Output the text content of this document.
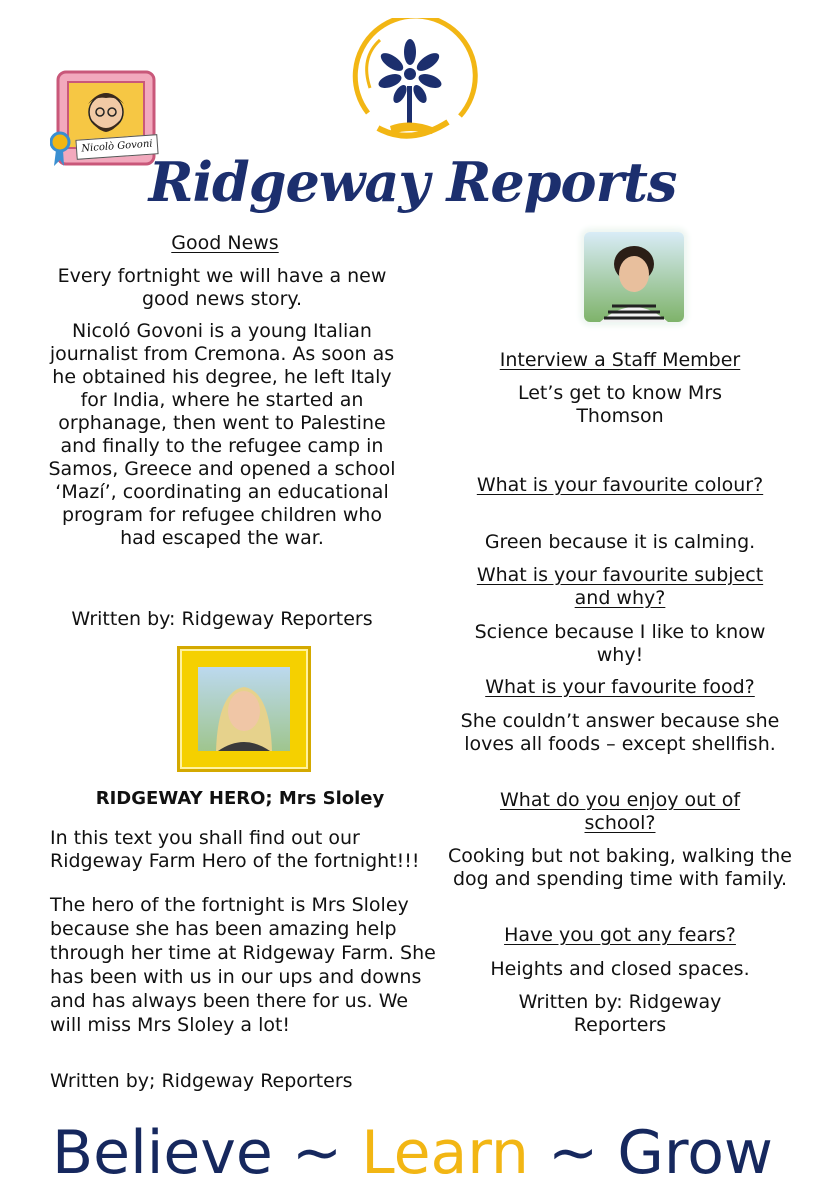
Nicolò Govoni
Ridgeway Reports
Good News
Every fortnight we will have a new good news story.
Nicoló Govoni is a young Italian journalist from Cremona. As soon as he obtained his degree, he left Italy for India, where he started an orphanage, then went to Palestine and finally to the refugee camp in Samos, Greece and opened a school ‘Mazí’, coordinating an educational program for refugee children who had escaped the war.
Written by: Ridgeway Reporters
RIDGEWAY HERO; Mrs Sloley
In this text you shall find out our Ridgeway Farm Hero of the fortnight!!!
The hero of the fortnight is Mrs Sloley because she has been amazing help through her time at Ridgeway Farm. She has been with us in our ups and downs and has always been there for us. We will miss Mrs Sloley a lot!
Written by; Ridgeway Reporters
Interview a Staff Member
Let’s get to know Mrs Thomson
What is your favourite colour?
Green because it is calming.
What is your favourite subject and why?
Science because I like to know why!
What is your favourite food?
She couldn’t answer because she loves all foods – except shellfish.
What do you enjoy out of school?
Cooking but not baking, walking the dog and spending time with family.
Have you got any fears?
Heights and closed spaces.
Written by: Ridgeway Reporters
Believe ~ Learn ~ Grow
